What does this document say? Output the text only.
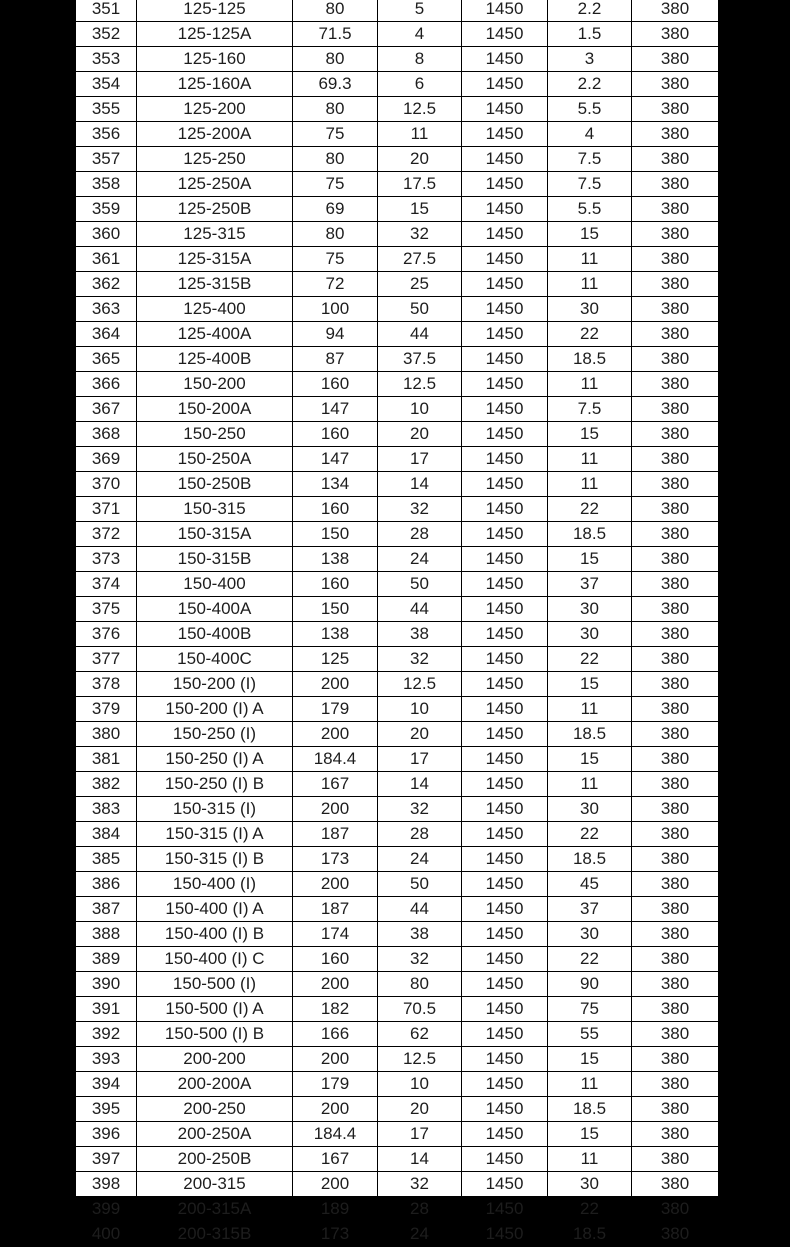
351	125-125	80	5	1450	2.2	380
352	125-125A	71.5	4	1450	1.5	380
353	125-160	80	8	1450	3	380
354	125-160A	69.3	6	1450	2.2	380
355	125-200	80	12.5	1450	5.5	380
356	125-200A	75	11	1450	4	380
357	125-250	80	20	1450	7.5	380
358	125-250A	75	17.5	1450	7.5	380
359	125-250B	69	15	1450	5.5	380
360	125-315	80	32	1450	15	380
361	125-315A	75	27.5	1450	11	380
362	125-315B	72	25	1450	11	380
363	125-400	100	50	1450	30	380
364	125-400A	94	44	1450	22	380
365	125-400B	87	37.5	1450	18.5	380
366	150-200	160	12.5	1450	11	380
367	150-200A	147	10	1450	7.5	380
368	150-250	160	20	1450	15	380
369	150-250A	147	17	1450	11	380
370	150-250B	134	14	1450	11	380
371	150-315	160	32	1450	22	380
372	150-315A	150	28	1450	18.5	380
373	150-315B	138	24	1450	15	380
374	150-400	160	50	1450	37	380
375	150-400A	150	44	1450	30	380
376	150-400B	138	38	1450	30	380
377	150-400C	125	32	1450	22	380
378	150-200 (I)	200	12.5	1450	15	380
379	150-200 (I) A	179	10	1450	11	380
380	150-250 (I)	200	20	1450	18.5	380
381	150-250 (I) A	184.4	17	1450	15	380
382	150-250 (I) B	167	14	1450	11	380
383	150-315 (I)	200	32	1450	30	380
384	150-315 (I) A	187	28	1450	22	380
385	150-315 (I) B	173	24	1450	18.5	380
386	150-400 (I)	200	50	1450	45	380
387	150-400 (I) A	187	44	1450	37	380
388	150-400 (I) B	174	38	1450	30	380
389	150-400 (I) C	160	32	1450	22	380
390	150-500 (I)	200	80	1450	90	380
391	150-500 (I) A	182	70.5	1450	75	380
392	150-500 (I) B	166	62	1450	55	380
393	200-200	200	12.5	1450	15	380
394	200-200A	179	10	1450	11	380
395	200-250	200	20	1450	18.5	380
396	200-250A	184.4	17	1450	15	380
397	200-250B	167	14	1450	11	380
398	200-315	200	32	1450	30	380
399	200-315A	189	28	1450	22	380
400	200-315B	173	24	1450	18.5	380
